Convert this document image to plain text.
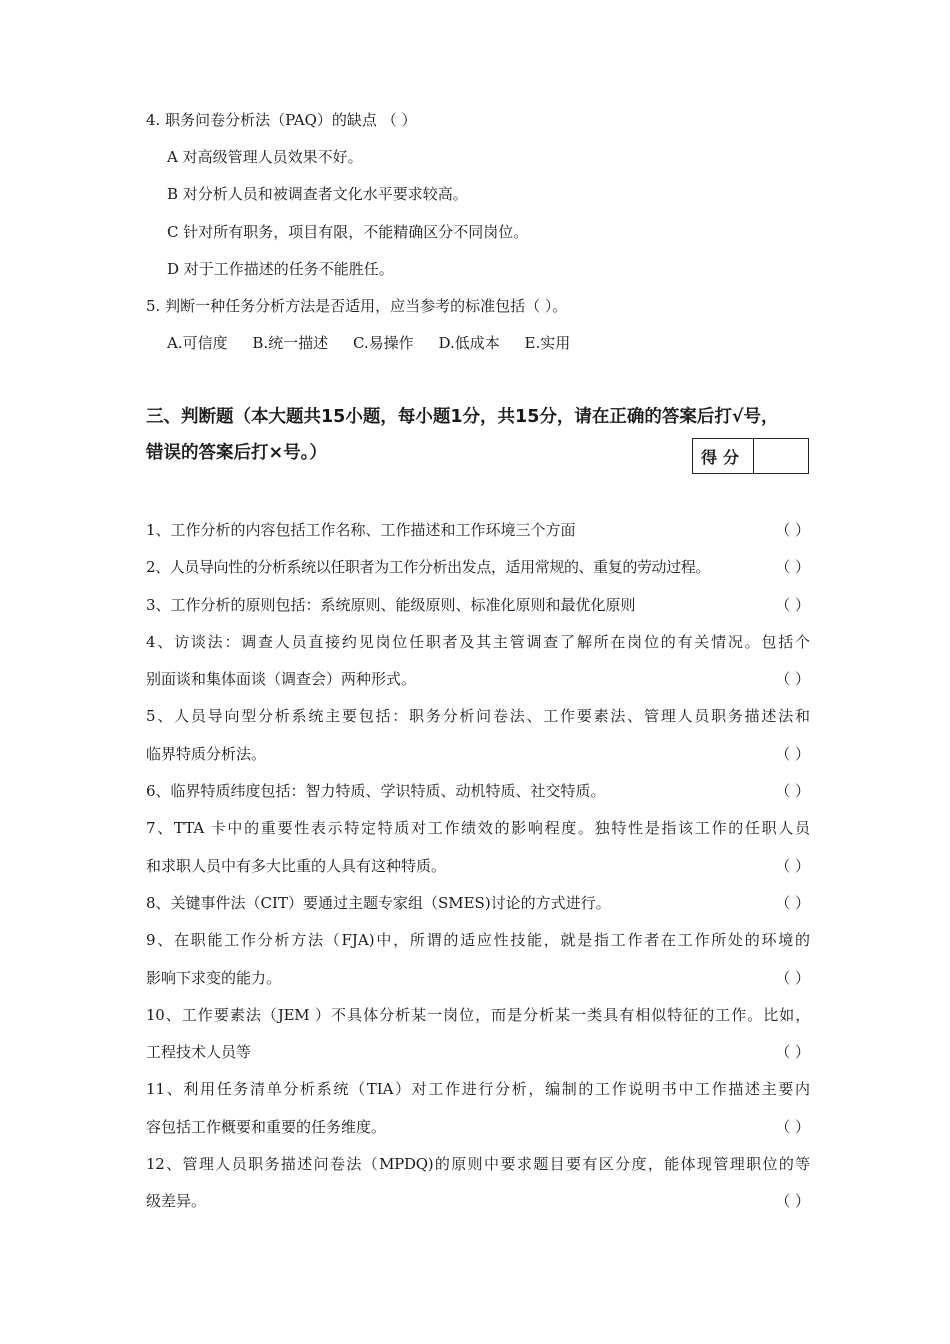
4. 职务问卷分析法（PAQ）的缺点 （ ）
A 对高级管理人员效果不好。
B 对分析人员和被调查者文化水平要求较高。
C 针对所有职务，项目有限，不能精确区分不同岗位。
D 对于工作描述的任务不能胜任。
5. 判断一种任务分析方法是否适用，应当参考的标准包括（ ）。
A.可信度 B.统一描述 C.易操作 D.低成本 E.实用
三、判断题（本大题共15小题，每小题1分，共15分，请在正确的答案后打√号，
错误的答案后打×号。）	得分
1、工作分析的内容包括工作名称、工作描述和工作环境三个方面	（ ）
2、人员导向性的分析系统以任职者为工作分析出发点，适用常规的、重复的劳动过程。	（ ）
3、工作分析的原则包括：系统原则、能级原则、标准化原则和最优化原则	（ ）
4、访谈法：调查人员直接约见岗位任职者及其主管调查了解所在岗位的有关情况。包括个
别面谈和集体面谈（调查会）两种形式。	（ ）
5、人员导向型分析系统主要包括：职务分析问卷法、工作要素法、管理人员职务描述法和
临界特质分析法。	（ ）
6、临界特质纬度包括：智力特质、学识特质、动机特质、社交特质。	（ ）
7、TTA 卡中的重要性表示特定特质对工作绩效的影响程度。独特性是指该工作的任职人员
和求职人员中有多大比重的人具有这种特质。	（ ）
8、关键事件法（CIT）要通过主题专家组（SMES)讨论的方式进行。	（ ）
9、在职能工作分析方法（FJA)中，所谓的适应性技能，就是指工作者在工作所处的环境的
影响下求变的能力。	（ ）
10、工作要素法（JEM ）不具体分析某一岗位，而是分析某一类具有相似特征的工作。比如，
工程技术人员等	（ ）
11、利用任务清单分析系统（TIA）对工作进行分析，编制的工作说明书中工作描述主要内
容包括工作概要和重要的任务维度。	（ ）
12、管理人员职务描述问卷法（MPDQ)的原则中要求题目要有区分度，能体现管理职位的等
级差异。	（ ）
